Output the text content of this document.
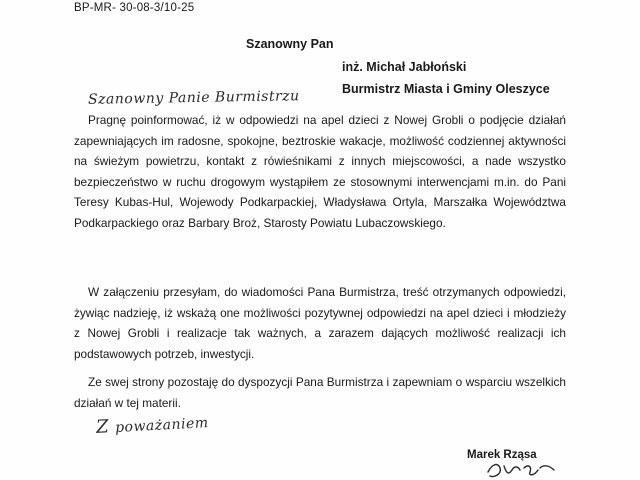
BP-MR- 30-08-3/10-25
Szanowny Pan
inż. Michał Jabłoński
Burmistrz Miasta i Gminy Oleszyce
Szanowny Panie Burmistrzu
Pragnę poinformować, iż w odpowiedzi na apel dzieci z Nowej Grobli o podjęcie działań zapewniających im radosne, spokojne, beztroskie wakacje, możliwość codziennej aktywności na świeżym powietrzu, kontakt z rówieśnikami z innych miejscowości, a nade wszystko bezpieczeństwo w ruchu drogowym wystąpiłem ze stosownymi interwencjami m.in. do Pani Teresy Kubas-Hul, Wojewody Podkarpackiej, Władysława Ortyla, Marszałka Województwa Podkarpackiego oraz Barbary Broż, Starosty Powiatu Lubaczowskiego.
W załączeniu przesyłam, do wiadomości Pana Burmistrza, treść otrzymanych odpowiedzi, żywiąc nadzieję, iż wskażą one możliwości pozytywnej odpowiedzi na apel dzieci i młodzieży z Nowej Grobli i realizacje tak ważnych, a zarazem dających możliwość realizacji ich podstawowych potrzeb, inwestycji.
Ze swej strony pozostaję do dyspozycji Pana Burmistrza i zapewniam o wsparciu wszelkich działań w tej materii.
Z poważaniem
Marek Rząsa
